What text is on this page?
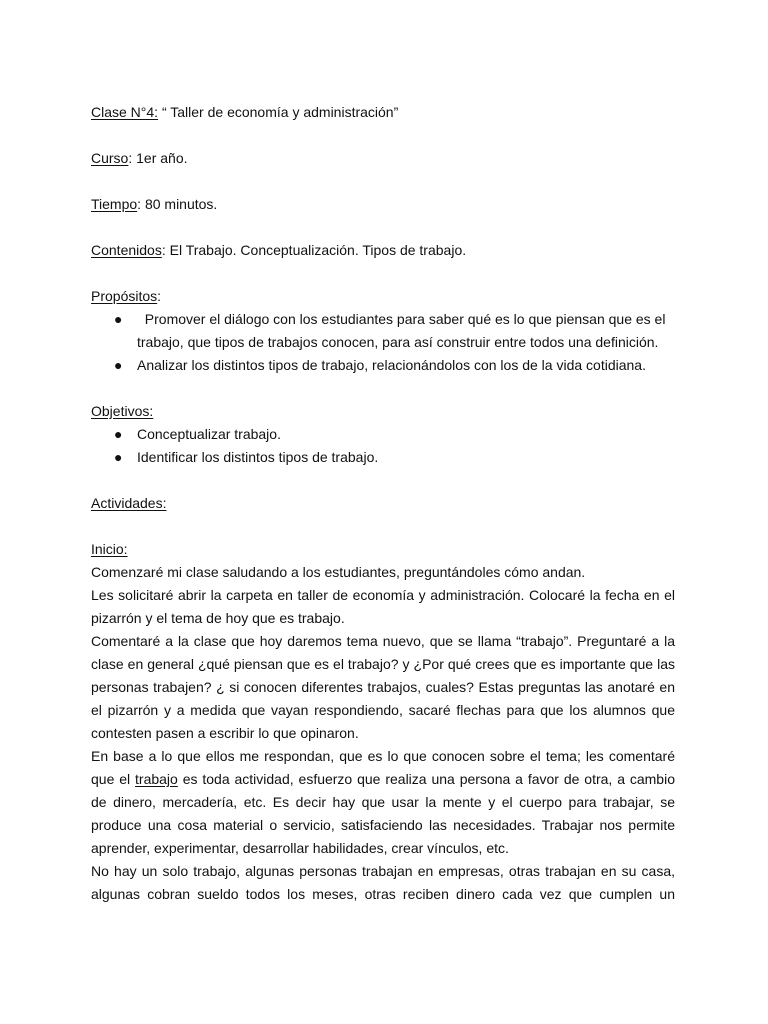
Clase N°4: “ Taller de economía y administración”
Curso: 1er año.
Tiempo: 80 minutos.
Contenidos: El Trabajo. Conceptualización. Tipos de trabajo.
Propósitos:
● Promover el diálogo con los estudiantes para saber qué es lo que piensan que es el
trabajo, que tipos de trabajos conocen, para así construir entre todos una definición.
● Analizar los distintos tipos de trabajo, relacionándolos con los de la vida cotidiana.
Objetivos:
● Conceptualizar trabajo.
● Identificar los distintos tipos de trabajo.
Actividades:
Inicio:
Comenzaré mi clase saludando a los estudiantes, preguntándoles cómo andan.
Les solicitaré abrir la carpeta en taller de economía y administración. Colocaré la fecha en el pizarrón y el tema de hoy que es trabajo.
Comentaré a la clase que hoy daremos tema nuevo, que se llama “trabajo”. Preguntaré a la clase en general ¿qué piensan que es el trabajo? y ¿Por qué crees que es importante que las personas trabajen? ¿ si conocen diferentes trabajos, cuales? Estas preguntas las anotaré en el pizarrón y a medida que vayan respondiendo, sacaré flechas para que los alumnos que contesten pasen a escribir lo que opinaron.
En base a lo que ellos me respondan, que es lo que conocen sobre el tema; les comentaré que el trabajo es toda actividad, esfuerzo que realiza una persona a favor de otra, a cambio de dinero, mercadería, etc. Es decir hay que usar la mente y el cuerpo para trabajar, se produce una cosa material o servicio, satisfaciendo las necesidades. Trabajar nos permite aprender, experimentar, desarrollar habilidades, crear vínculos, etc.
No hay un solo trabajo, algunas personas trabajan en empresas, otras trabajan en su casa, algunas cobran sueldo todos los meses, otras reciben dinero cada vez que cumplen un
